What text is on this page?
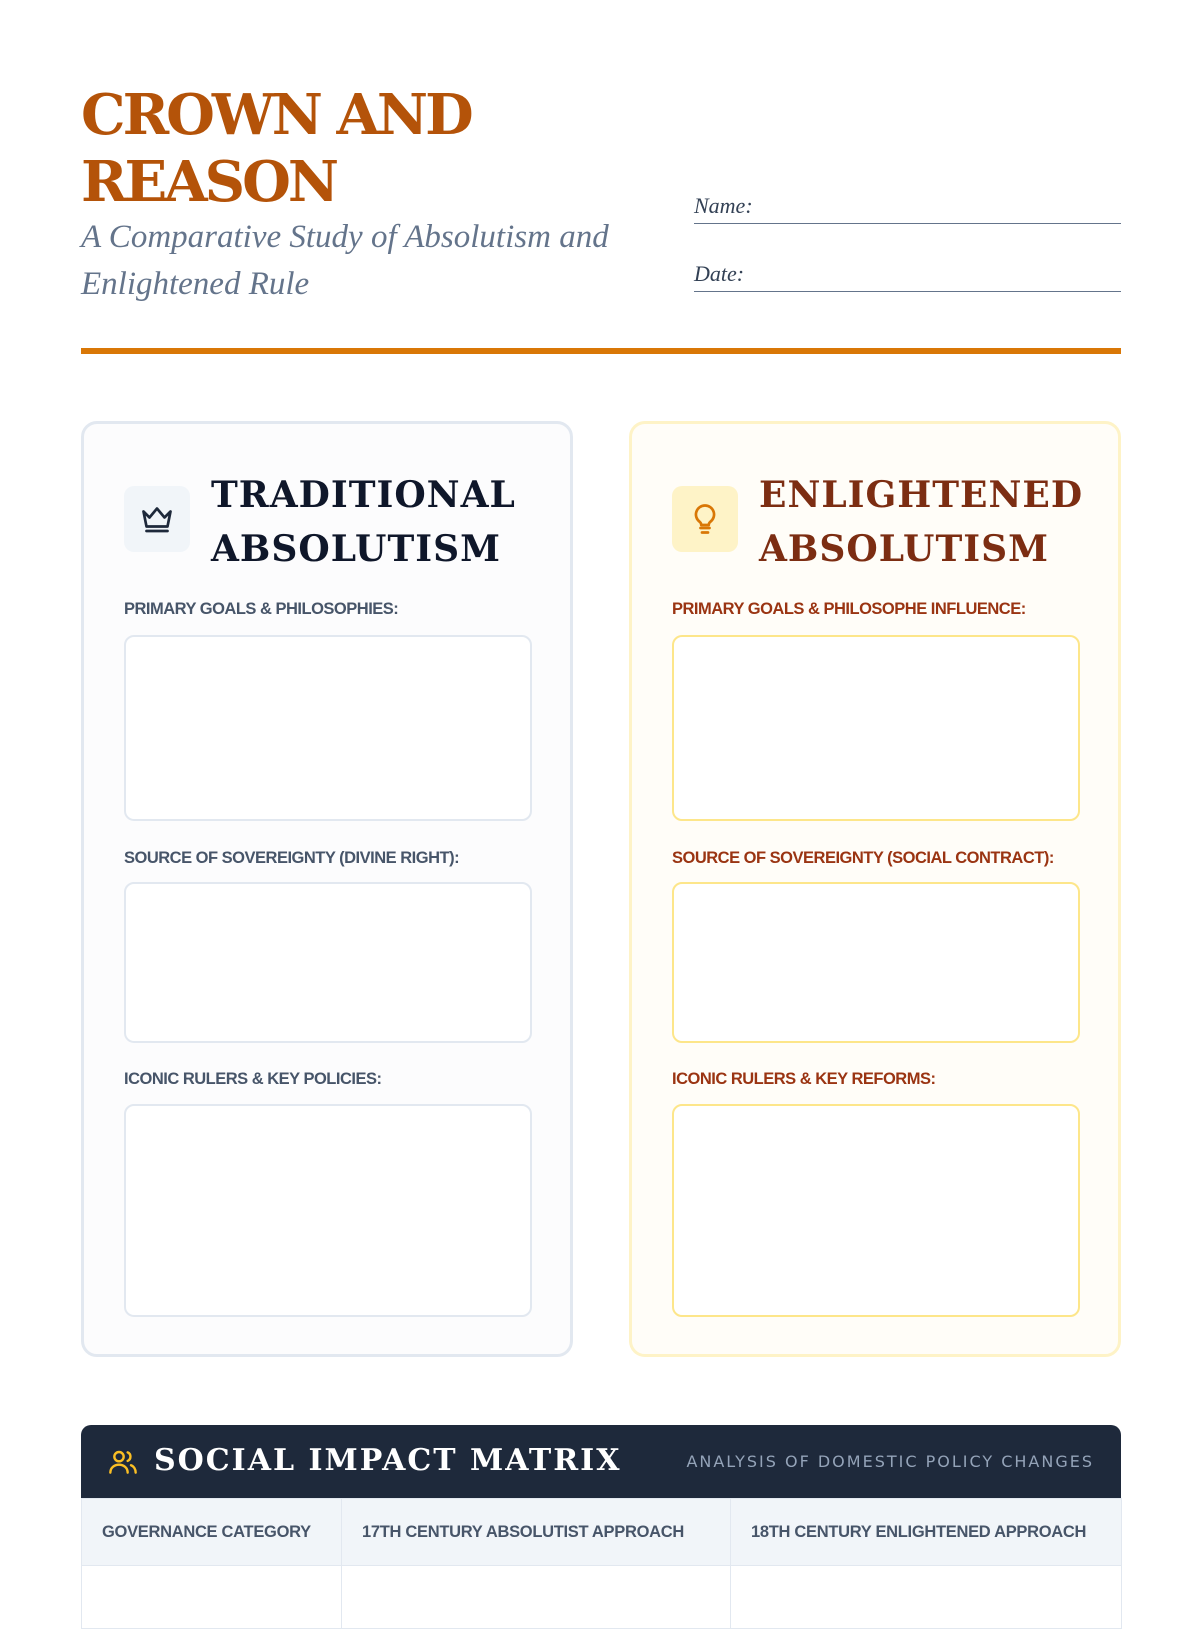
CROWN AND REASON

A Comparative Study of Absolutism and Enlightened Rule

Name:
Date:
TRADITIONAL ABSOLUTISM

PRIMARY GOALS & PHILOSOPHIES:

SOURCE OF SOVEREIGNTY (DIVINE RIGHT):

ICONIC RULERS & KEY POLICIES:

ENLIGHTENED ABSOLUTISM

PRIMARY GOALS & PHILOSOPHE INFLUENCE:

SOURCE OF SOVEREIGNTY (SOCIAL CONTRACT):

ICONIC RULERS & KEY REFORMS:

SOCIAL IMPACT MATRIX	ANALYSIS OF DOMESTIC POLICY CHANGES
GOVERNANCE CATEGORY	17TH CENTURY ABSOLUTIST APPROACH	18TH CENTURY ENLIGHTENED APPROACH
